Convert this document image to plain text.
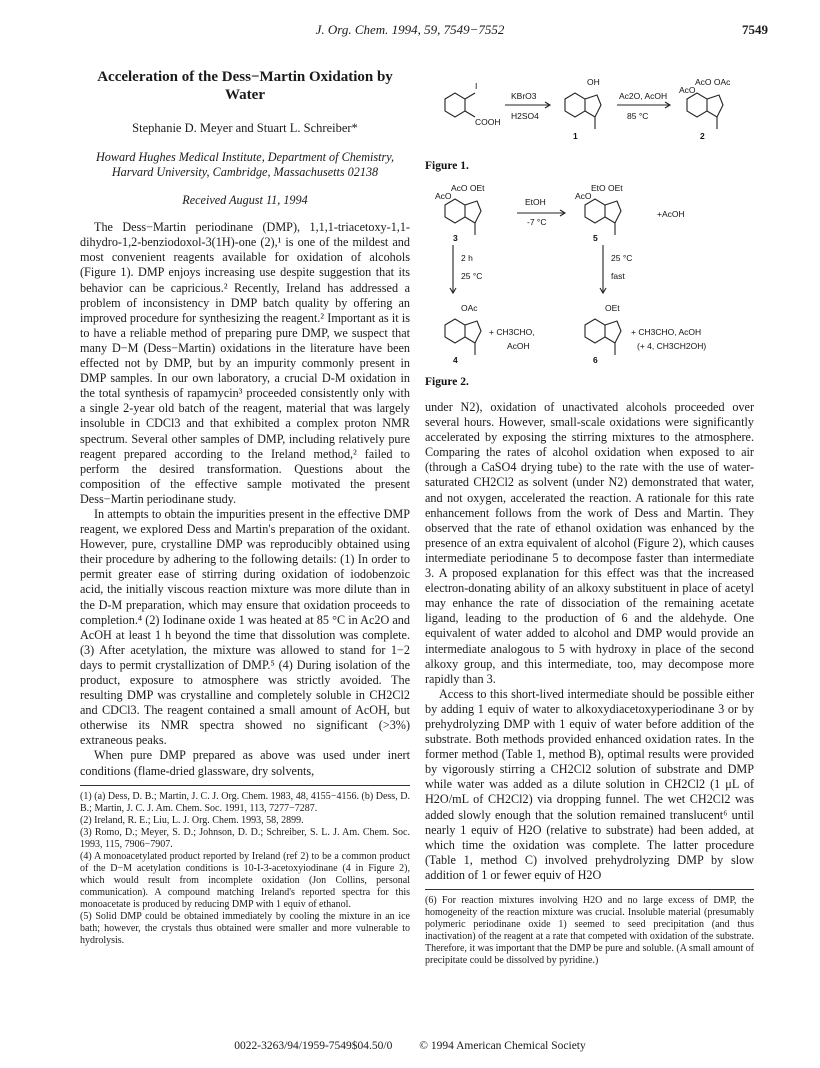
J. Org. Chem. 1994, 59, 7549−7552	7549
Acceleration of the Dess−Martin Oxidation by Water
Stephanie D. Meyer and Stuart L. Schreiber*
Howard Hughes Medical Institute, Department of Chemistry, Harvard University, Cambridge, Massachusetts 02138
Received August 11, 1994

The Dess−Martin periodinane (DMP), 1,1,1-triacetoxy-1,1-dihydro-1,2-benziodoxol-3(1H)-one (2),¹ is one of the mildest and most convenient reagents available for oxidation of alcohols (Figure 1). DMP enjoys increasing use despite suggestion that its behavior can be capricious.² Recently, Ireland has addressed a problem of inconsistency in DMP batch quality by offering an improved procedure for synthesizing the reagent.² Important as it is to have a reliable method of preparing pure DMP, we suspect that many D−M (Dess−Martin) oxidations in the literature have been effected not by DMP, but by an impurity commonly present in DMP samples. In our own laboratory, a crucial D-M oxidation in the total synthesis of rapamycin³ proceeded consistently only with a single 2-year old batch of the reagent, material that was largely insoluble in CDCl3 and that exhibited a complex proton NMR spectrum. Several other samples of DMP, including relatively pure reagent prepared according to the Ireland method,² failed to perform the desired transformation. Questions about the composition of the effective sample motivated the present Dess−Martin periodinane study.

In attempts to obtain the impurities present in the effective DMP reagent, we explored Dess and Martin's preparation of the oxidant. However, pure, crystalline DMP was reproducibly obtained using their procedure by adhering to the following details: (1) In order to permit greater ease of stirring during oxidation of iodobenzoic acid, the initially viscous reaction mixture was more dilute than in the D-M preparation, which may ensure that oxidation proceeds to completion.⁴ (2) Iodinane oxide 1 was heated at 85 °C in Ac2O and AcOH at least 1 h beyond the time that dissolution was complete. (3) After acetylation, the mixture was allowed to stand for 1−2 days to permit crystallization of DMP.⁵ (4) During isolation of the product, exposure to atmosphere was strictly avoided. The resulting DMP was crystalline and completely soluble in CH2Cl2 and CDCl3. The reagent contained a small amount of AcOH, but otherwise its NMR spectra showed no significant (>3%) extraneous peaks.

When pure DMP prepared as above was used under inert conditions (flame-dried glassware, dry solvents,

(1) (a) Dess, D. B.; Martin, J. C. J. Org. Chem. 1983, 48, 4155−4156. (b) Dess, D. B.; Martin, J. C. J. Am. Chem. Soc. 1991, 113, 7277−7287.

(2) Ireland, R. E.; Liu, L. J. Org. Chem. 1993, 58, 2899.

(3) Romo, D.; Meyer, S. D.; Johnson, D. D.; Schreiber, S. L. J. Am. Chem. Soc. 1993, 115, 7906−7907.

(4) A monoacetylated product reported by Ireland (ref 2) to be a common product of the D−M acetylation conditions is 10-I-3-acetoxyiodinane (4 in Figure 2), which would result from incomplete oxidation (Jon Collins, personal communication). A compound matching Ireland's reported spectra for this monoacetate is produced by reducing DMP with 1 equiv of ethanol.

(5) Solid DMP could be obtained immediately by cooling the mixture in an ice bath; however, the crystals thus obtained were smaller and more vulnerable to hydrolysis.

I
COOH
KBrO3
H2SO4
OH
1
Ac2O, AcOH
85 °C
AcO OAc
AcO
2
Figure 1.
AcO OEt
AcO
3
EtOH
-7 °C
EtO OEt
AcO
5
+AcOH
2 h
25 °C
25 °C
fast
OAc
4
+ CH3CHO,
AcOH
OEt
6
+ CH3CHO, AcOH
(+ 4, CH3CH2OH)
Figure 2.

under N2), oxidation of unactivated alcohols proceeded over several hours. However, small-scale oxidations were significantly accelerated by exposing the stirring mixtures to the atmosphere. Comparing the rates of alcohol oxidation when exposed to air (through a CaSO4 drying tube) to the rate with the use of water-saturated CH2Cl2 as solvent (under N2) demonstrated that water, and not oxygen, accelerated the reaction. A rationale for this rate enhancement follows from the work of Dess and Martin. They observed that the rate of ethanol oxidation was enhanced by the presence of an extra equivalent of alcohol (Figure 2), which causes intermediate periodinane 5 to decompose faster than intermediate 3. A proposed explanation for this effect was that the increased electron-donating ability of an alkoxy substituent in place of acetyl may enhance the rate of dissociation of the remaining acetate ligand, leading to the production of 6 and the aldehyde. One equivalent of water added to alcohol and DMP would provide an intermediate analogous to 5 with hydroxy in place of the second alkoxy group, and this intermediate, too, may decompose more rapidly than 3.

Access to this short-lived intermediate should be possible either by adding 1 equiv of water to alkoxydiacetoxyperiodinane 3 or by prehydrolyzing DMP with 1 equiv of water before addition of the substrate. Both methods provided enhanced oxidation rates. In the former method (Table 1, method B), optimal results were provided by vigorously stirring a CH2Cl2 solution of substrate and DMP while water was added as a dilute solution in CH2Cl2 (1 μL of H2O/mL of CH2Cl2) via dropping funnel. The wet CH2Cl2 was added slowly enough that the solution remained translucent⁶ until nearly 1 equiv of H2O (relative to substrate) had been added, at which time the oxidation was complete. The latter procedure (Table 1, method C) involved prehydrolyzing DMP by slow addition of 1 or fewer equiv of H2O

(6) For reaction mixtures involving H2O and no large excess of DMP, the homogeneity of the reaction mixture was crucial. Insoluble material (presumably polymeric periodinane oxide 1) seemed to seed precipitation (and thus inactivation) of the reagent at a rate that competed with oxidation of the substrate. Therefore, it was important that the DMP be pure and soluble. (A small amount of precipitate could be dissolved by pyridine.)

0022-3263/94/1959-7549$04.50/0 © 1994 American Chemical Society
